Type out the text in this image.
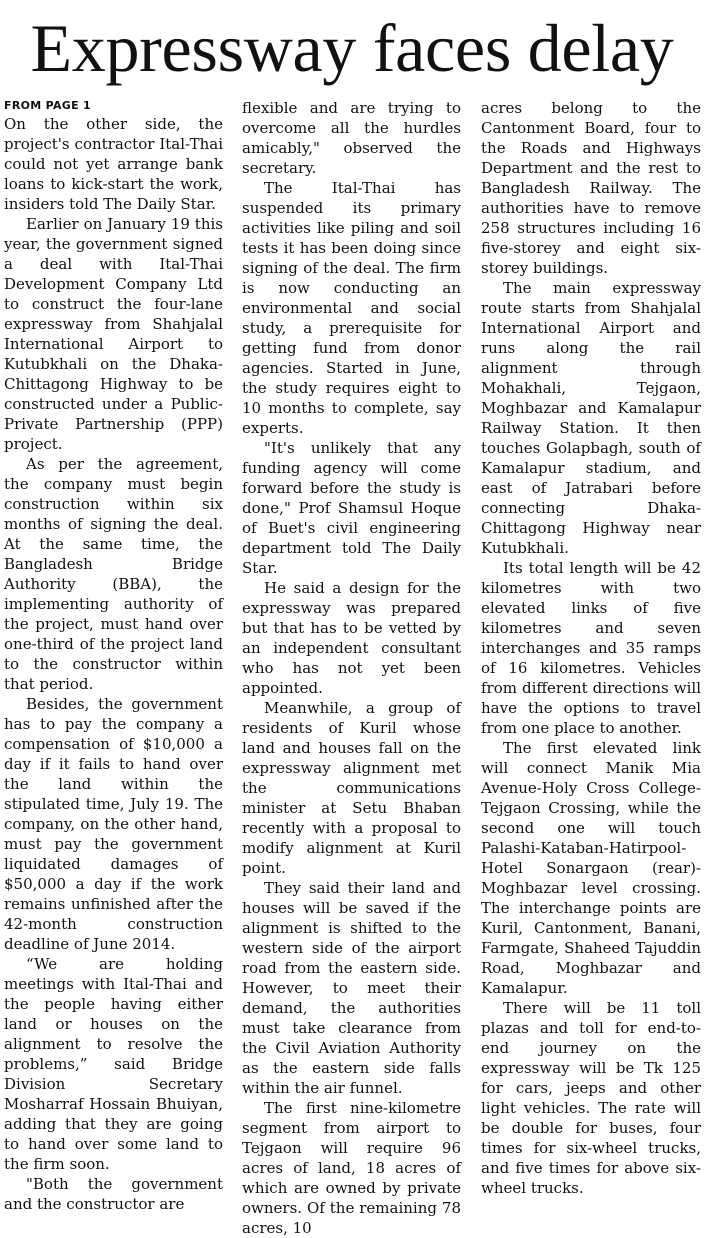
Expressway faces delay
FROM PAGE 1

On the other side, the project's contractor Ital-Thai could not yet arrange bank loans to kick-start the work, insiders told The Daily Star.

Earlier on January 19 this year, the government signed a deal with Ital-Thai Development Company Ltd to construct the four-lane expressway from Shahjalal International Airport to Kutubkhali on the Dhaka-Chittagong Highway to be constructed under a Public-Private Partnership (PPP) project.

As per the agreement, the company must begin construction within six months of signing the deal. At the same time, the Bangladesh Bridge Authority (BBA), the implementing authority of the project, must hand over one-third of the project land to the constructor within that period.

Besides, the government has to pay the company a compensation of $10,000 a day if it fails to hand over the land within the stipulated time, July 19. The company, on the other hand, must pay the government liquidated damages of $50,000 a day if the work remains unfinished after the 42-month construction deadline of June 2014.

“We are holding meetings with Ital-Thai and the people having either land or houses on the alignment to resolve the problems,” said Bridge Division Secretary Mosharraf Hossain Bhuiyan, adding that they are going to hand over some land to the firm soon.

"Both the government and the constructor are

flexible and are trying to overcome all the hurdles amicably," observed the secretary.

The Ital-Thai has suspended its primary activities like piling and soil tests it has been doing since signing of the deal. The firm is now conducting an environmental and social study, a prerequisite for getting fund from donor agencies. Started in June, the study requires eight to 10 months to complete, say experts.

"It's unlikely that any funding agency will come forward before the study is done," Prof Shamsul Hoque of Buet's civil engineering department told The Daily Star.

He said a design for the expressway was prepared but that has to be vetted by an independent consultant who has not yet been appointed.

Meanwhile, a group of residents of Kuril whose land and houses fall on the expressway alignment met the communications minister at Setu Bhaban recently with a proposal to modify alignment at Kuril point.

They said their land and houses will be saved if the alignment is shifted to the western side of the airport road from the eastern side. However, to meet their demand, the authorities must take clearance from the Civil Aviation Authority as the eastern side falls within the air funnel.

The first nine-kilometre segment from airport to Tejgaon will require 96 acres of land, 18 acres of which are owned by private owners. Of the remaining 78 acres, 10

acres belong to the Cantonment Board, four to the Roads and Highways Department and the rest to Bangladesh Railway. The authorities have to remove 258 structures including 16 five-storey and eight six-storey buildings.

The main expressway route starts from Shahjalal International Airport and runs along the rail alignment through Mohakhali, Tejgaon, Moghbazar and Kamalapur Railway Station. It then touches Golapbagh, south of Kamalapur stadium, and east of Jatrabari before connecting Dhaka-Chittagong Highway near Kutubkhali.

Its total length will be 42 kilometres with two elevated links of five kilometres and seven interchanges and 35 ramps of 16 kilometres. Vehicles from different directions will have the options to travel from one place to another.

The first elevated link will connect Manik Mia Avenue-Holy Cross College-Tejgaon Crossing, while the second one will touch Palashi-Kataban-Hatirpool-Hotel Sonargaon (rear)-Moghbazar level crossing. The interchange points are Kuril, Cantonment, Banani, Farmgate, Shaheed Tajuddin Road, Moghbazar and Kamalapur.

There will be 11 toll plazas and toll for end-to-end journey on the expressway will be Tk 125 for cars, jeeps and other light vehicles. The rate will be double for buses, four times for six-wheel trucks, and five times for above six-wheel trucks.
